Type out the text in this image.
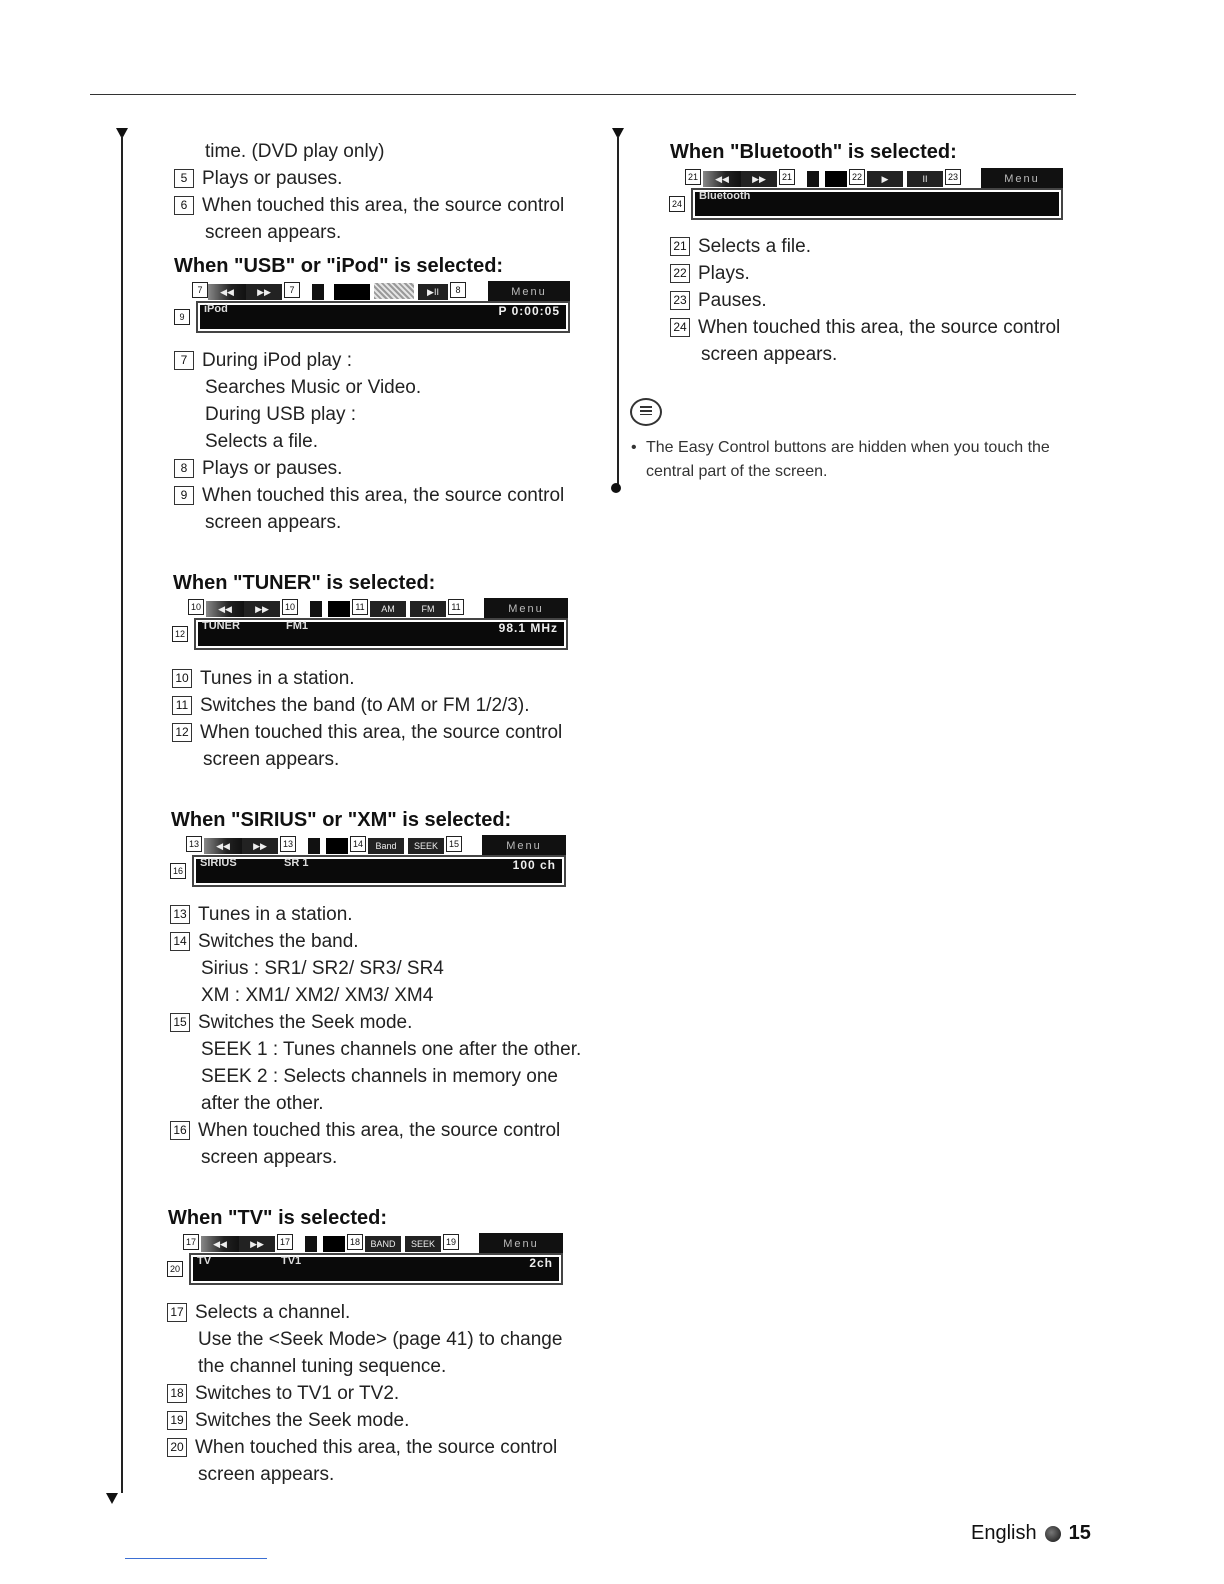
time. (DVD play only)
5 Plays or pauses.
6 When touched this area, the source control
screen appears.
When "USB" or "iPod" is selected:
7	◀◀	▶▶	7	▶II	8	Menu
9
iPod	P 0:00:05
7 During iPod play :
Searches Music or Video.
During USB play :
Selects a file.
8 Plays or pauses.
9 When touched this area, the source control
screen appears.
When "TUNER" is selected:
10	◀◀	▶▶	10	11	AM	FM	11	Menu
12
TUNER	FM1	98.1 MHz
10 Tunes in a station.
11 Switches the band (to AM or FM 1/2/3).
12 When touched this area, the source control
screen appears.
When "SIRIUS" or "XM" is selected:
13	◀◀	▶▶	13	14	Band	SEEK	15	Menu
16
SIRIUS	SR 1	100 ch
13 Tunes in a station.
14 Switches the band.
Sirius : SR1/ SR2/ SR3/ SR4
XM : XM1/ XM2/ XM3/ XM4
15 Switches the Seek mode.
SEEK 1 : Tunes channels one after the other.
SEEK 2 : Selects channels in memory one
after the other.
16 When touched this area, the source control
screen appears.
When "TV" is selected:
17	◀◀	▶▶	17	18	BAND	SEEK	19	Menu
20
TV	TV1	2ch
17 Selects a channel.
Use the <Seek Mode> (page 41) to change
the channel tuning sequence.
18 Switches to TV1 or TV2.
19 Switches the Seek mode.
20 When touched this area, the source control
screen appears.
When "Bluetooth" is selected:
21	◀◀	▶▶	21	22	▶	II	23	Menu
24
Bluetooth
21 Selects a file.
22 Plays.
23 Pauses.
24 When touched this area, the source control
screen appears.
• The Easy Control buttons are hidden when you touch the
central part of the screen.
English 15
